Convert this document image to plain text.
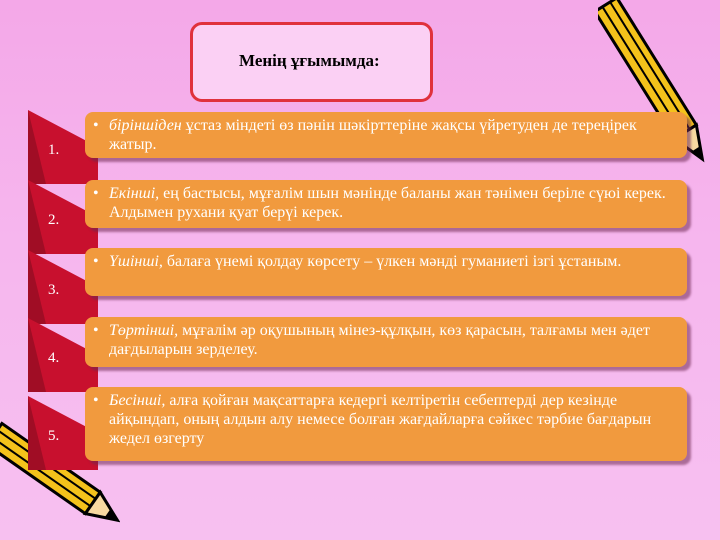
Менің ұғымымда:
1.
2.
3.
4.
5.
• біріншіден ұстаз міндеті өз пәнін шәкірттеріне жақсы үйретуден де тереңірек жатыр.
• Екінші, ең бастысы, мұғалім шын мәнінде баланы жан тәнімен беріле сүюі керек. Алдымен рухани қуат берүі керек.
• Үшінші, балаға үнемі қолдау көрсету – үлкен мәнді гуманиеті ізгі ұстаным.
• Төртінші, мұғалім әр оқушының мінез-құлқын, көз қарасын, талғамы мен әдет дағдыларын зерделеу.
• Бесінші, алға қойған мақсаттарға кедергі келтіретін себептерді дер кезінде айқындап, оның алдын алу немесе болған жағдайларға сәйкес тәрбие бағдарын жедел өзгерту
